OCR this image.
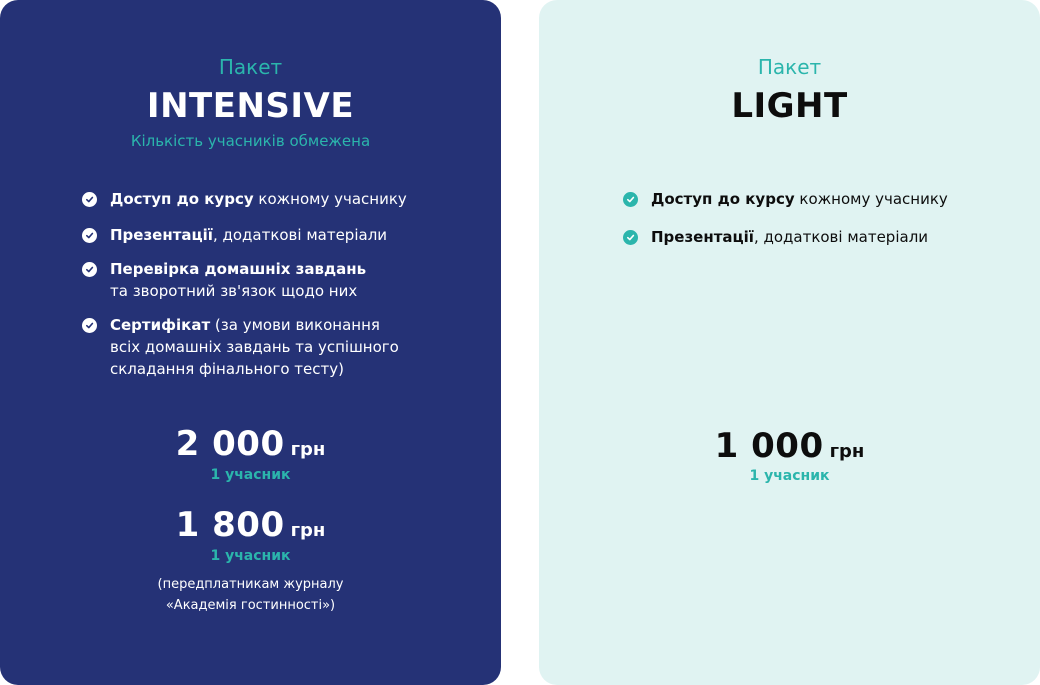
Пакет
INTENSIVE
Кількість учасників обмежена
Доступ до курсу кожному учаснику
Презентації, додаткові матеріали
Перевірка домашніх завдань
та зворотний зв'язок щодо них
Сертифікат (за умови виконання всіх домашніх завдань та успішного складання фінального тесту)
2 000 грн
1 учасник
1 800 грн
1 учасник
(передплатникам журналу
«Академія гостинності»)
Пакет
LIGHT
Доступ до курсу кожному учаснику
Презентації, додаткові матеріали
1 000 грн
1 учасник
